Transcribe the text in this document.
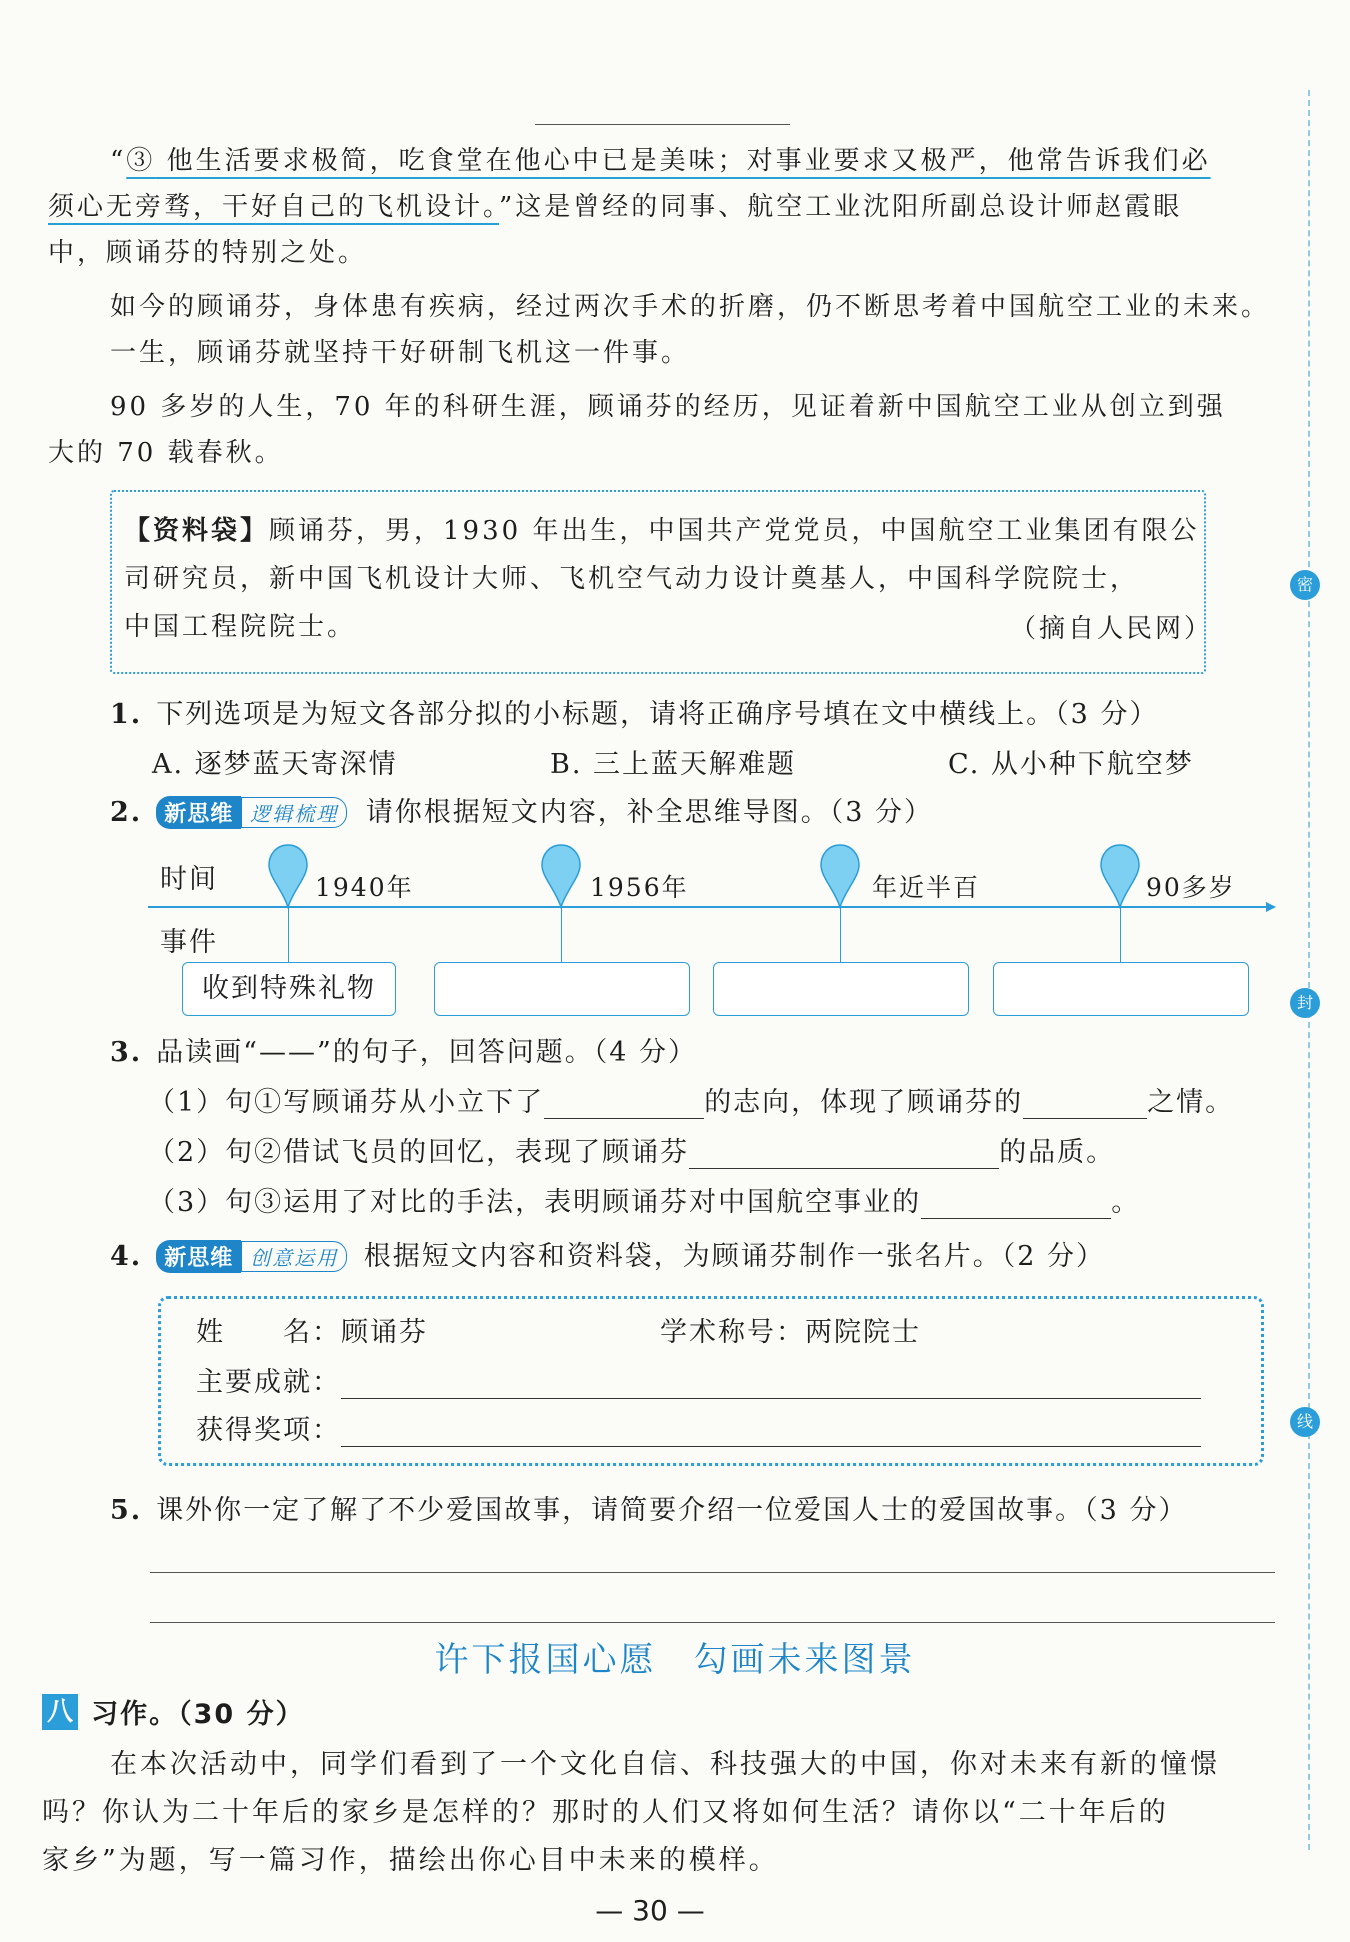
密
封
线
“③ 他生活要求极简，吃食堂在他心中已是美味；对事业要求又极严，他常告诉我们必
须心无旁骛，干好自己的飞机设计。”这是曾经的同事、航空工业沈阳所副总设计师赵霞眼
中，顾诵芬的特别之处。
如今的顾诵芬，身体患有疾病，经过两次手术的折磨，仍不断思考着中国航空工业的未来。
一生，顾诵芬就坚持干好研制飞机这一件事。
90 多岁的人生，70 年的科研生涯，顾诵芬的经历，见证着新中国航空工业从创立到强
大的 70 载春秋。
【资料袋】顾诵芬，男，1930 年出生，中国共产党党员，中国航空工业集团有限公
司研究员，新中国飞机设计大师、飞机空气动力设计奠基人，中国科学院院士，
中国工程院院士。	（摘自人民网）
1. 下列选项是为短文各部分拟的小标题，请将正确序号填在文中横线上。（3 分）
A. 逐梦蓝天寄深情	B. 三上蓝天解难题	C. 从小种下航空梦
2. 新思维 逻辑梳理 请你根据短文内容，补全思维导图。（3 分）
时间
事件
1940年	1956年	年近半百	90多岁
收到特殊礼物
3. 品读画“——”的句子，回答问题。（4 分）
（1）句①写顾诵芬从小立下了	的志向，体现了顾诵芬的	之情。
（2）句②借试飞员的回忆，表现了顾诵芬	的品质。
（3）句③运用了对比的手法，表明顾诵芬对中国航空事业的	。
4. 新思维 创意运用 根据短文内容和资料袋，为顾诵芬制作一张名片。（2 分）
姓　　名：顾诵芬	学术称号：两院院士
主要成就：
获得奖项：
5. 课外你一定了解了不少爱国故事，请简要介绍一位爱国人士的爱国故事。（3 分）
许下报国心愿　勾画未来图景
八 习作。（30 分）
在本次活动中，同学们看到了一个文化自信、科技强大的中国，你对未来有新的憧憬
吗？你认为二十年后的家乡是怎样的？那时的人们又将如何生活？请你以“二十年后的
家乡”为题，写一篇习作，描绘出你心目中未来的模样。
— 30 —
